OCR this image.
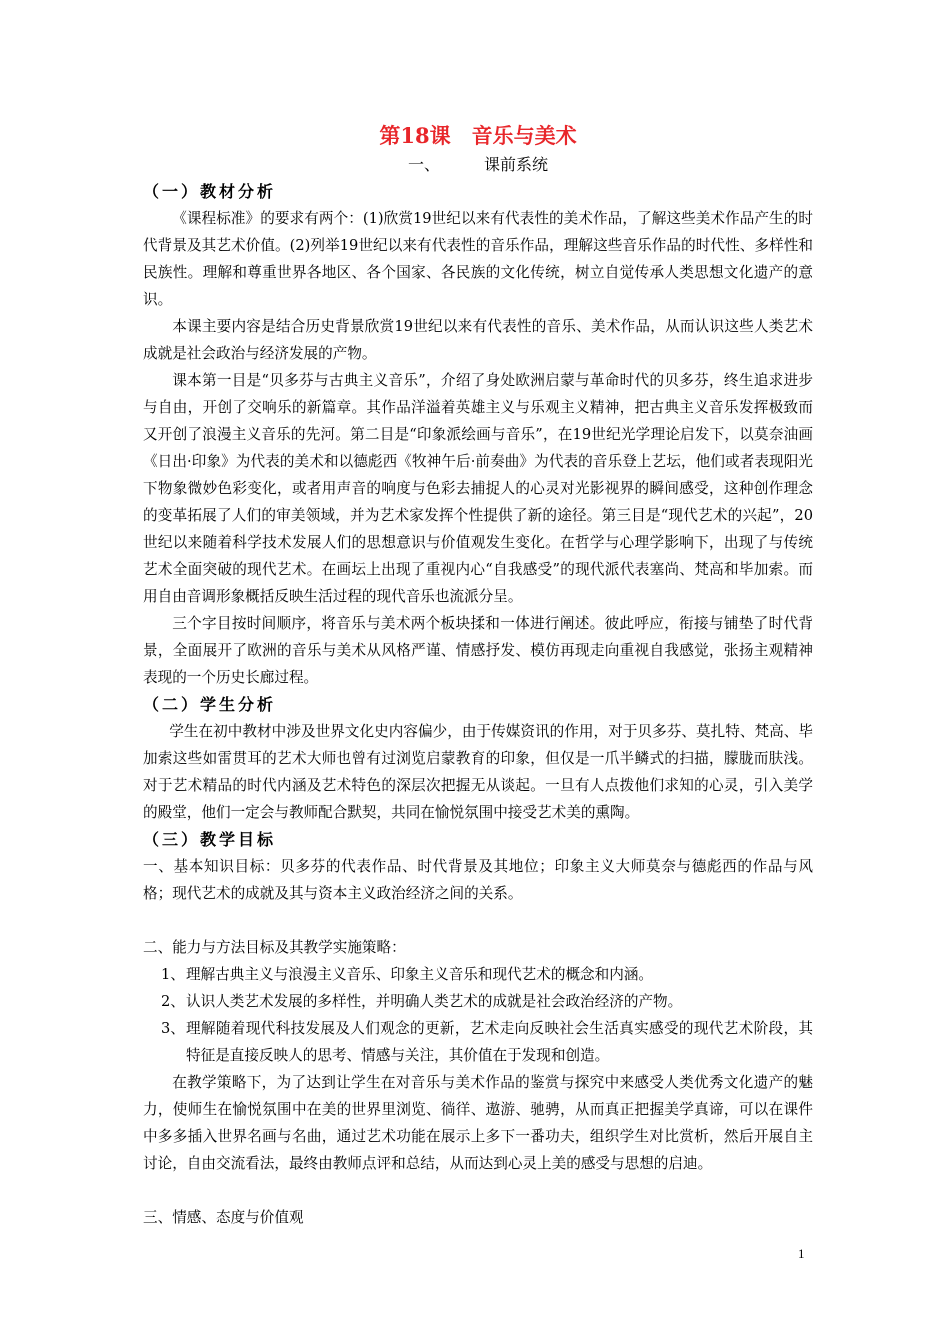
第18课　音乐与美术
一、	课前系统
（一）教材分析

《课程标准》的要求有两个：(1)欣赏19世纪以来有代表性的美术作品，了解这些美术作品产生的时代背景及其艺术价值。(2)列举19世纪以来有代表性的音乐作品，理解这些音乐作品的时代性、多样性和民族性。理解和尊重世界各地区、各个国家、各民族的文化传统，树立自觉传承人类思想文化遗产的意识。

本课主要内容是结合历史背景欣赏19世纪以来有代表性的音乐、美术作品，从而认识这些人类艺术成就是社会政治与经济发展的产物。

课本第一目是“贝多芬与古典主义音乐”，介绍了身处欧洲启蒙与革命时代的贝多芬，终生追求进步与自由，开创了交响乐的新篇章。其作品洋溢着英雄主义与乐观主义精神，把古典主义音乐发挥极致而又开创了浪漫主义音乐的先河。第二目是“印象派绘画与音乐”，在19世纪光学理论启发下，以莫奈油画《日出·印象》为代表的美术和以德彪西《牧神午后·前奏曲》为代表的音乐登上艺坛，他们或者表现阳光下物象微妙色彩变化，或者用声音的响度与色彩去捕捉人的心灵对光影视界的瞬间感受，这种创作理念的变革拓展了人们的审美领域，并为艺术家发挥个性提供了新的途径。第三目是“现代艺术的兴起”，20世纪以来随着科学技术发展人们的思想意识与价值观发生变化。在哲学与心理学影响下，出现了与传统艺术全面突破的现代艺术。在画坛上出现了重视内心“自我感受”的现代派代表塞尚、梵高和毕加索。而用自由音调形象概括反映生活过程的现代音乐也流派分呈。

三个字目按时间顺序，将音乐与美术两个板块揉和一体进行阐述。彼此呼应，衔接与铺垫了时代背景，全面展开了欧洲的音乐与美术从风格严谨、情感抒发、模仿再现走向重视自我感觉，张扬主观精神表现的一个历史长廊过程。

（二）学生分析

学生在初中教材中涉及世界文化史内容偏少，由于传媒资讯的作用，对于贝多芬、莫扎特、梵高、毕加索这些如雷贯耳的艺术大师也曾有过浏览启蒙教育的印象，但仅是一爪半鳞式的扫描，朦胧而肤浅。对于艺术精品的时代内涵及艺术特色的深层次把握无从谈起。一旦有人点拨他们求知的心灵，引入美学的殿堂，他们一定会与教师配合默契，共同在愉悦氛围中接受艺术美的熏陶。

（三）教学目标

一、基本知识目标：贝多芬的代表作品、时代背景及其地位；印象主义大师莫奈与德彪西的作品与风格；现代艺术的成就及其与资本主义政治经济之间的关系。

二、能力与方法目标及其教学实施策略：

1、 理解古典主义与浪漫主义音乐、印象主义音乐和现代艺术的概念和内涵。
2、 认识人类艺术发展的多样性，并明确人类艺术的成就是社会政治经济的产物。
3、 理解随着现代科技发展及人们观念的更新，艺术走向反映社会生活真实感受的现代艺术阶段，其特征是直接反映人的思考、情感与关注，其价值在于发现和创造。

在教学策略下，为了达到让学生在对音乐与美术作品的鉴赏与探究中来感受人类优秀文化遗产的魅力，使师生在愉悦氛围中在美的世界里浏览、徜徉、遨游、驰骋，从而真正把握美学真谛，可以在课件中多多插入世界名画与名曲，通过艺术功能在展示上多下一番功夫，组织学生对比赏析，然后开展自主讨论，自由交流看法，最终由教师点评和总结，从而达到心灵上美的感受与思想的启迪。

三、情感、态度与价值观

1
